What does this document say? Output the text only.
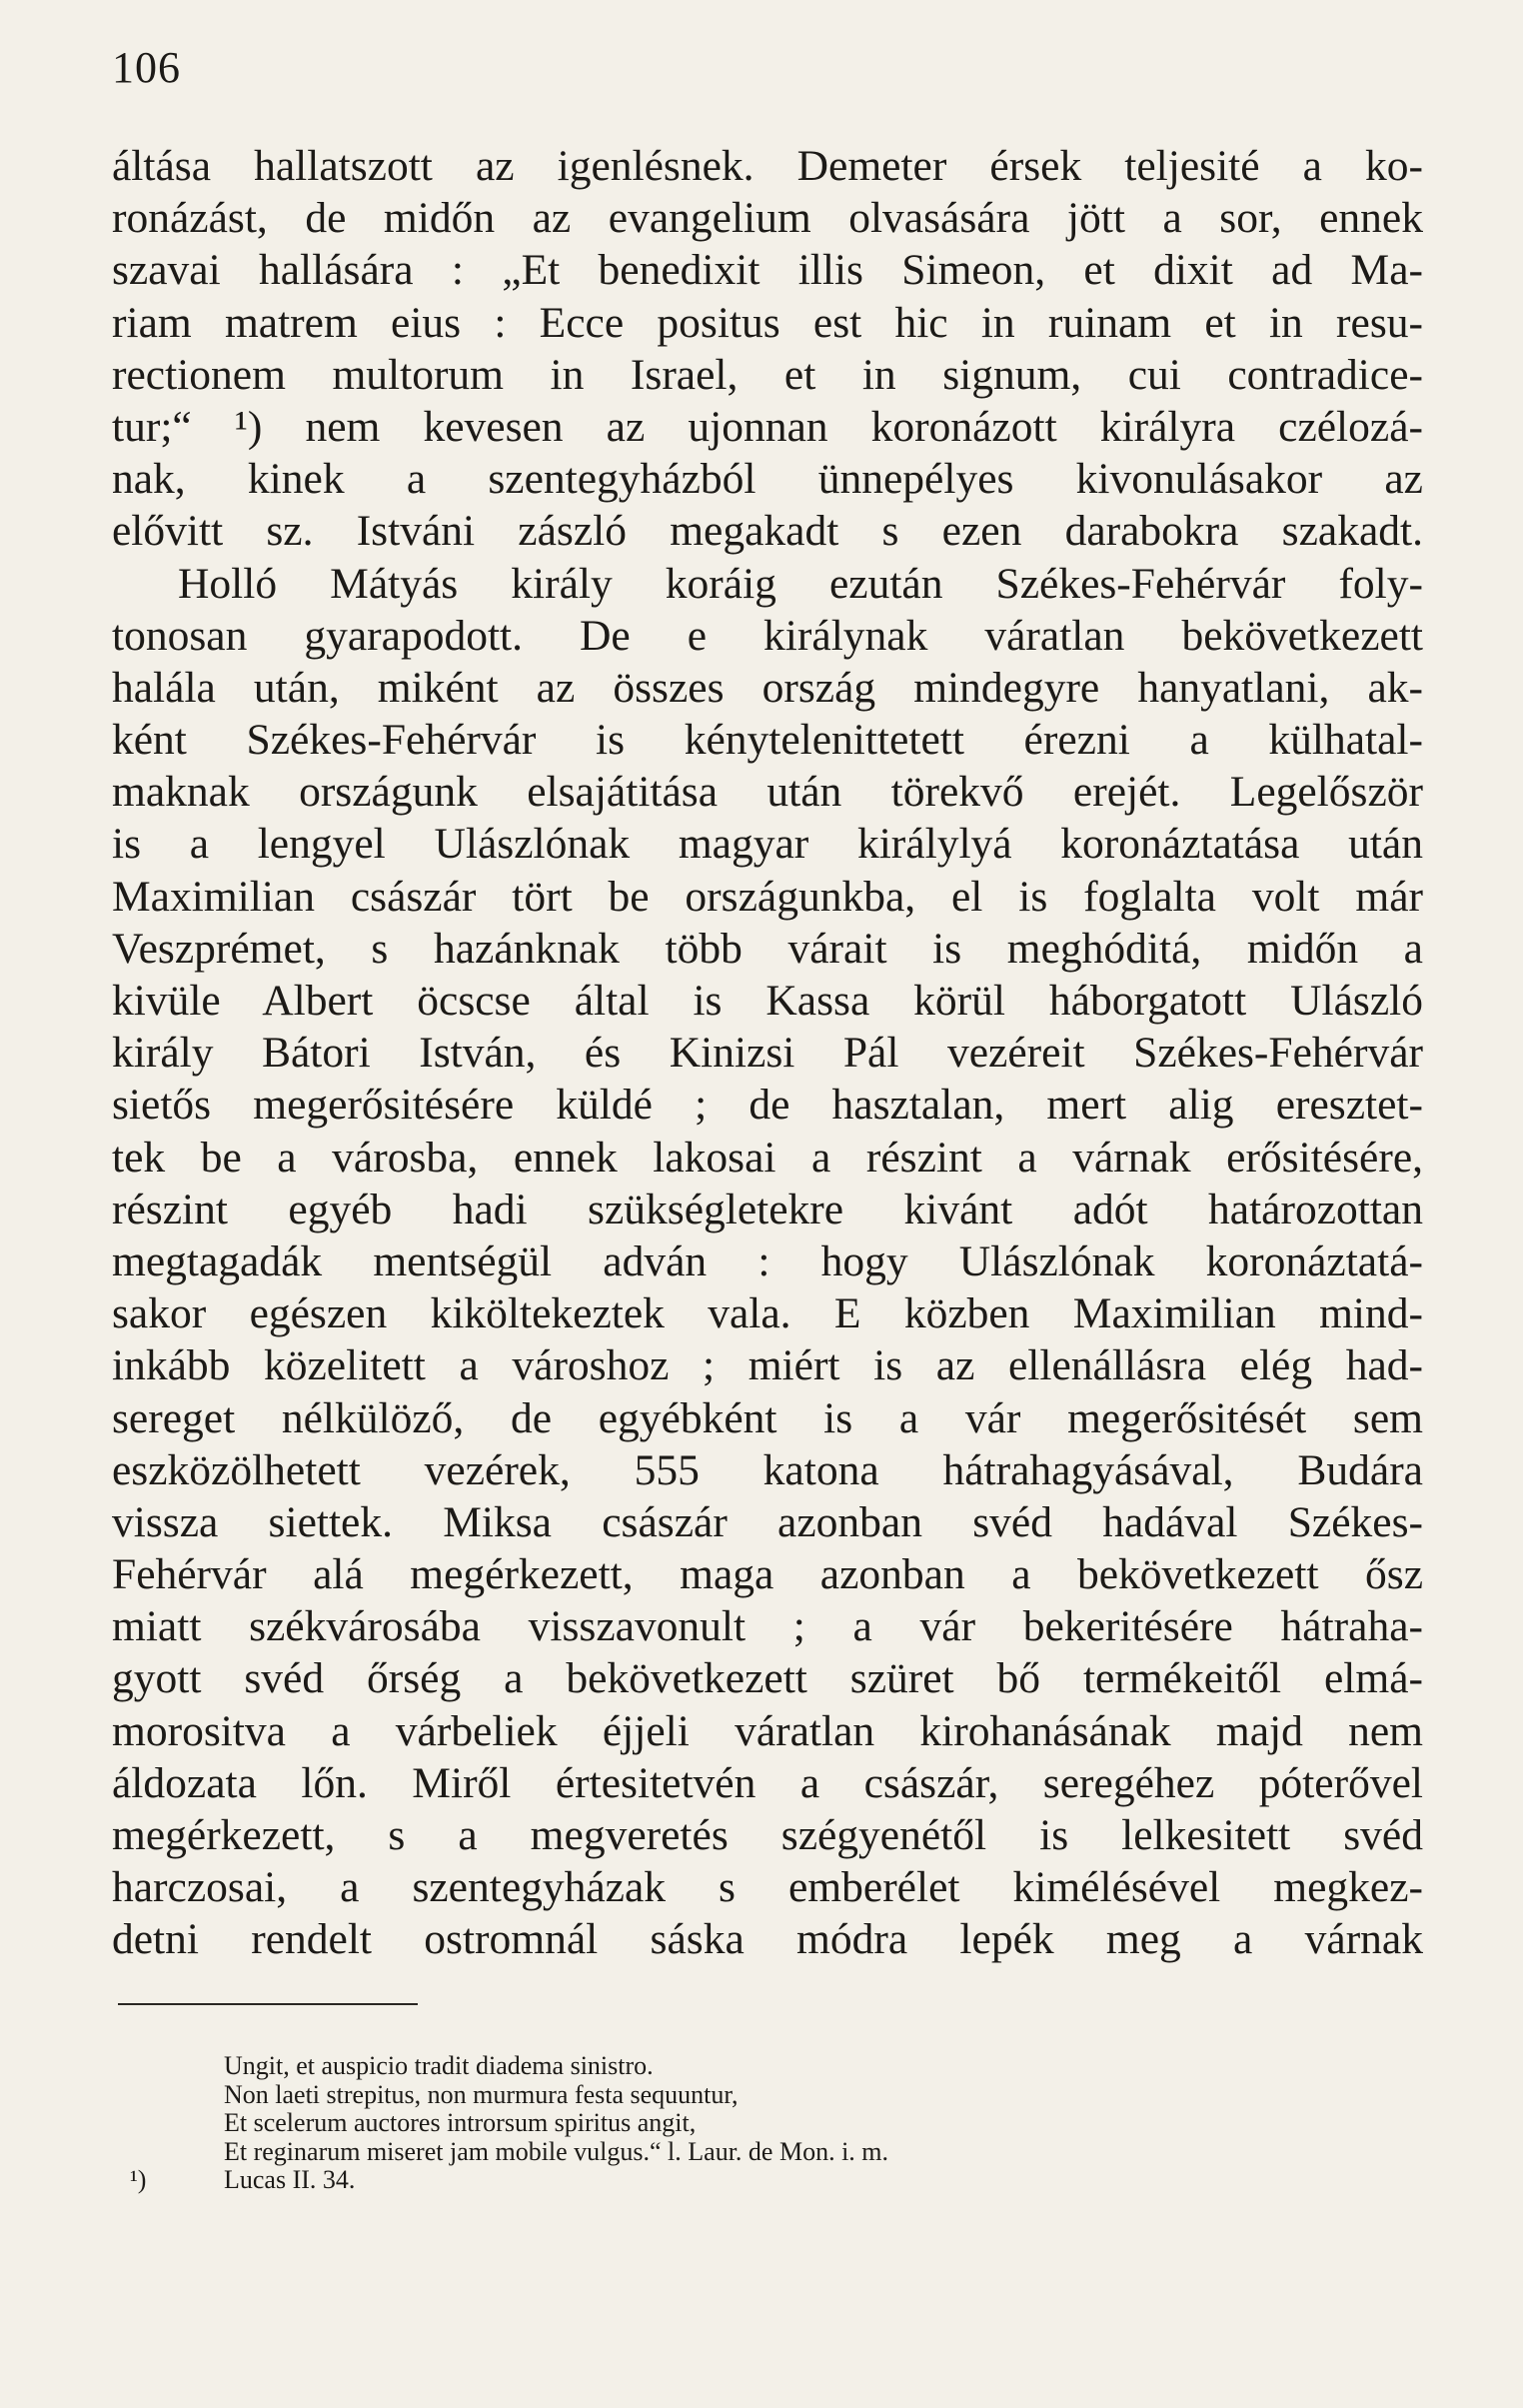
106
áltása hallatszott az igenlésnek. Demeter érsek teljesité a ko-
ronázást, de midőn az evangelium olvasására jött a sor, ennek
szavai hallására : „Et benedixit illis Simeon, et dixit ad Ma-
riam matrem eius : Ecce positus est hic in ruinam et in resu-
rectionem multorum in Israel, et in signum, cui contradice-
tur;“ ¹) nem kevesen az ujonnan koronázott királyra czélozá-
nak, kinek a szentegyházból ünnepélyes kivonulásakor az
elővitt sz. Istváni zászló megakadt s ezen darabokra szakadt.
Holló Mátyás király koráig ezután Székes-Fehérvár foly-
tonosan gyarapodott. De e királynak váratlan bekövetkezett
halála után, miként az összes ország mindegyre hanyatlani, ak-
ként Székes-Fehérvár is kénytelenittetett érezni a külhatal-
maknak országunk elsajátitása után törekvő erejét. Legelőször
is a lengyel Ulászlónak magyar királylyá koronáztatása után
Maximilian császár tört be országunkba, el is foglalta volt már
Veszprémet, s hazánknak több várait is meghóditá, midőn a
kivüle Albert öcscse által is Kassa körül háborgatott Ulászló
király Bátori István, és Kinizsi Pál vezéreit Székes-Fehérvár
sietős megerősitésére küldé ; de hasztalan, mert alig eresztet-
tek be a városba, ennek lakosai a részint a várnak erősitésére,
részint egyéb hadi szükségletekre kivánt adót határozottan
megtagadák mentségül adván : hogy Ulászlónak koronáztatá-
sakor egészen kiköltekeztek vala. E közben Maximilian mind-
inkább közelitett a városhoz ; miért is az ellenállásra elég had-
sereget nélkülöző, de egyébként is a vár megerősitését sem
eszközölhetett vezérek, 555 katona hátrahagyásával, Budára
vissza siettek. Miksa császár azonban svéd hadával Székes-
Fehérvár alá megérkezett, maga azonban a bekövetkezett ősz
miatt székvárosába visszavonult ; a vár bekeritésére hátraha-
gyott svéd őrség a bekövetkezett szüret bő termékeitől elmá-
morositva a várbeliek éjjeli váratlan kirohanásának majd nem
áldozata lőn. Miről értesitetvén a császár, seregéhez póterővel
megérkezett, s a megveretés szégyenétől is lelkesitett svéd
harczosai, a szentegyházak s emberélet kimélésével megkez-
detni rendelt ostromnál sáska módra lepék meg a várnak
Ungit, et auspicio tradit diadema sinistro.
Non laeti strepitus, non murmura festa sequuntur,
Et scelerum auctores introrsum spiritus angit,
Et reginarum miseret jam mobile vulgus.“ l. Laur. de Mon. i. m.
¹)	Lucas II. 34.
